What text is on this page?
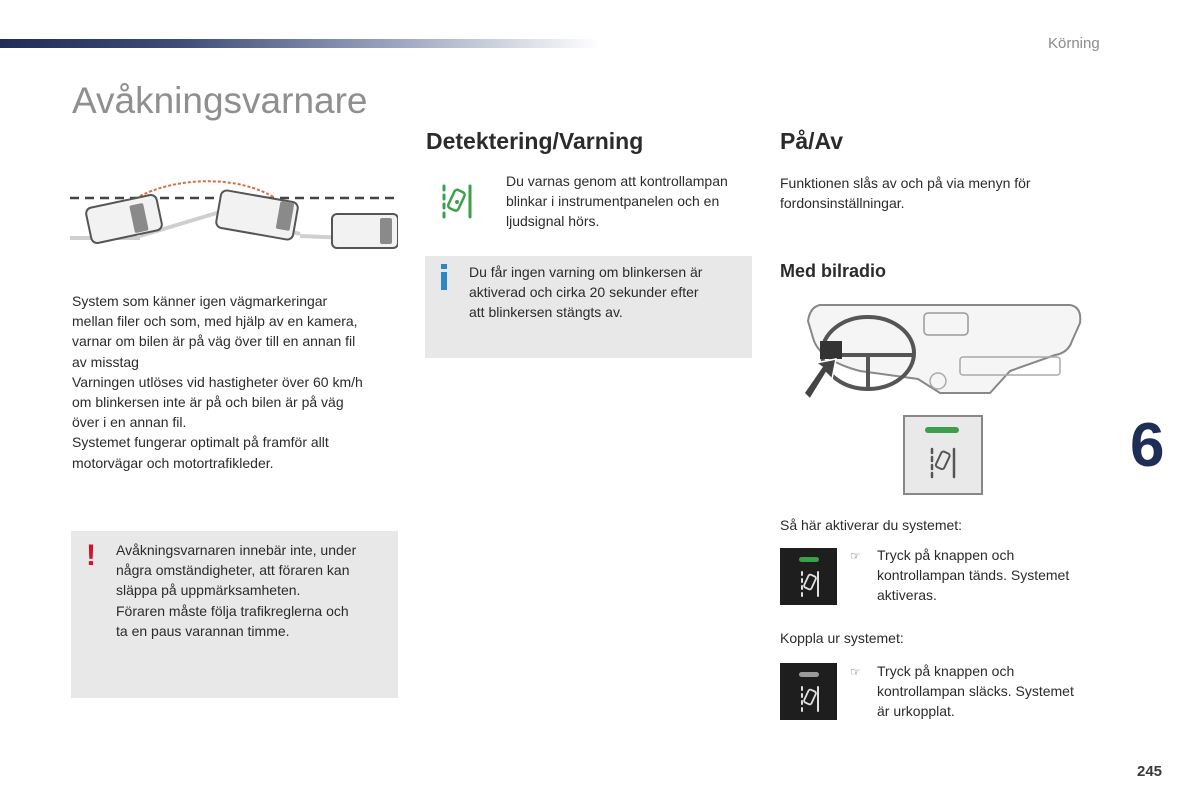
Körning
Avåkningsvarnare
System som känner igen vägmarkeringar
mellan filer och som, med hjälp av en kamera,
varnar om bilen är på väg över till en annan fil
av misstag
Varningen utlöses vid hastigheter över 60 km/h
om blinkersen inte är på och bilen är på väg
över i en annan fil.
Systemet fungerar optimalt på framför allt
motorvägar och motortrafikleder.
! Avåkningsvarnaren innebär inte, under
några omständigheter, att föraren kan
släppa på uppmärksamheten.
Föraren måste följa trafikreglerna och
ta en paus varannan timme.
Detektering/Varning
Du varnas genom att kontrollampan
blinkar i instrumentpanelen och en
ljudsignal hörs.
Du får ingen varning om blinkersen är
aktiverad och cirka 20 sekunder efter
att blinkersen stängts av.
På/Av
Funktionen slås av och på via menyn för
fordonsinställningar.
Med bilradio
Så här aktiverar du systemet:
☞	Tryck på knappen och
kontrollampan tänds. Systemet
aktiveras.
Koppla ur systemet:
☞	Tryck på knappen och
kontrollampan släcks. Systemet
är urkopplat.
6
245
